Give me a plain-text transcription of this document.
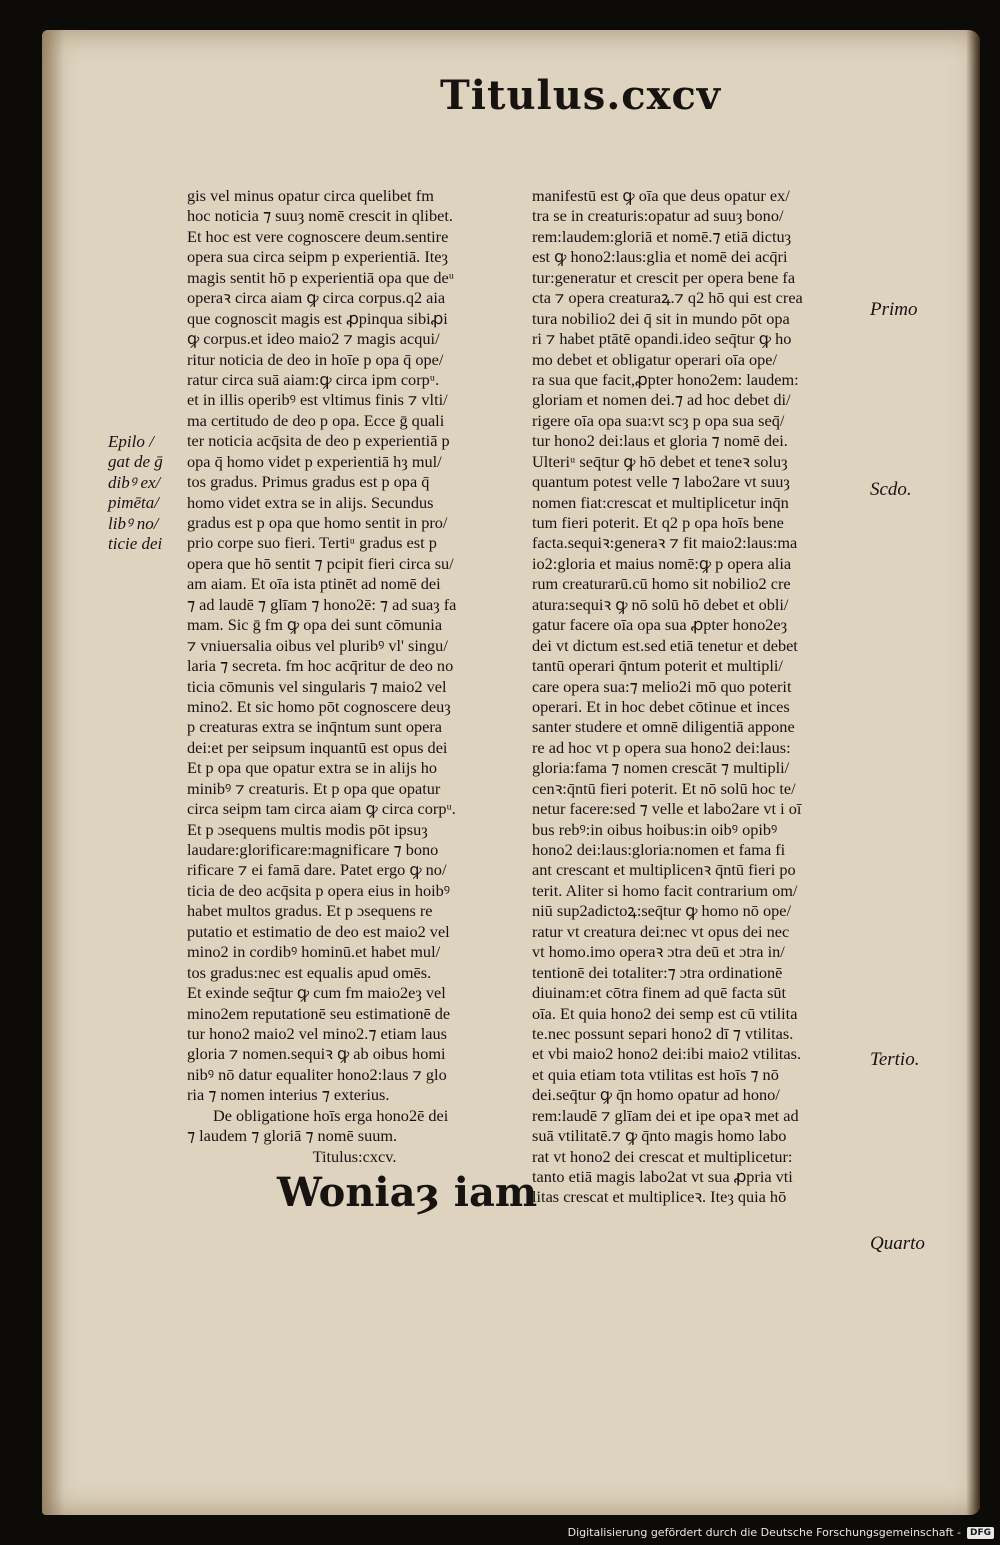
Titulus.cxcv
gis vel minus opatur circa quelibet fm
hoc noticia ⁊ suuȝ nomē crescit in qlibet.
Et hoc est vere cognoscere deum.sentire
opera sua circa seipm p experientiā. Iteȝ
magis sentit hō p experientiā opa que deᵘ
operaꝛ circa aiam ꝙ circa corpus.q2 aia
que cognoscit magis est ꝓpinqua sibiꝓi
ꝙ corpus.et ideo maio2 ⁊ magis acqui/
ritur noticia de deo in hoīe p opa q̄ ope/
ratur circa suā aiam:ꝙ circa ipm corpᵘ.
et in illis operibꝰ est vltimus finis ⁊ vlti/
ma certitudo de deo p opa. Ecce ḡ quali
ter noticia acq̄sita de deo p experientiā p
opa q̄ homo videt p experientiā hȝ mul/
tos gradus. Primus gradus est p opa q̄
homo videt extra se in alijs. Secundus
gradus est p opa que homo sentit in pro/
prio corpe suo fieri. Tertiᵘ gradus est p
opera que hō sentit ⁊ pcipit fieri circa su/
am aiam. Et oīa ista ptinēt ad nomē dei
⁊ ad laudē ⁊ glīam ⁊ hono2ē: ⁊ ad suaȝ fa
mam. Sic ḡ fm ꝙ opa dei sunt cōmunia
⁊ vniuersalia oibus vel pluribꝰ vl' singu/
laria ⁊ secreta. fm hoc acq̄ritur de deo no
ticia cōmunis vel singularis ⁊ maio2 vel
mino2. Et sic homo pōt cognoscere deuȝ
p creaturas extra se inq̄ntum sunt opera
dei:et per seipsum inquantū est opus dei
Et p opa que opatur extra se in alijs ho
minibꝰ ⁊ creaturis. Et p opa que opatur
circa seipm tam circa aiam ꝙ circa corpᵘ.
Et p ɔsequens multis modis pōt ipsuȝ
laudare:glorificare:magnificare ⁊ bono
rificare ⁊ ei famā dare. Patet ergo ꝙ no/
ticia de deo acq̄sita p opera eius in hoibꝰ
habet multos gradus. Et p ɔsequens re
putatio et estimatio de deo est maio2 vel
mino2 in cordibꝰ hominū.et habet mul/
tos gradus:nec est equalis apud omēs.
Et exinde seq̄tur ꝙ cum fm maio2eȝ vel
mino2em reputationē seu estimationē de
tur hono2 maio2 vel mino2.⁊ etiam laus
gloria ⁊ nomen.sequiꝛ ꝙ ab oibus homi
nibꝰ nō datur equaliter hono2:laus ⁊ glo
ria ⁊ nomen interius ⁊ exterius.
De obligatione hoīs erga hono2ē dei
⁊ laudem ⁊ gloriā ⁊ nomē suum.
Titulus:cxcv.
Woniaȝ iam
manifestū est ꝙ oīa que deus opatur ex/
tra se in creaturis:opatur ad suuȝ bono/
rem:laudem:gloriā et nomē.⁊ etiā dictuȝ
est ꝙ hono2:laus:glia et nomē dei acq̄ri
tur:generatur et crescit per opera bene fa
cta ⁊ opera creaturaꝝ.⁊ q2 hō qui est crea
tura nobilio2 dei q̄ sit in mundo pōt opa
ri ⁊ habet ptātē opandi.ideo seq̄tur ꝙ ho
mo debet et obligatur operari oīa ope/
ra sua que facit,ꝓpter hono2em: laudem:
gloriam et nomen dei.⁊ ad hoc debet di/
rigere oīa opa sua:vt scȝ p opa sua seq̄/
tur hono2 dei:laus et gloria ⁊ nomē dei.
Ulteriᵘ seq̄tur ꝙ hō debet et teneꝛ soluȝ
quantum potest velle ⁊ labo2are vt suuȝ
nomen fiat:crescat et multiplicetur inq̄n
tum fieri poterit. Et q2 p opa hoīs bene
facta.sequiꝛ:generaꝛ ⁊ fit maio2:laus:ma
io2:gloria et maius nomē:ꝙ p opera alia
rum creaturarū.cū homo sit nobilio2 cre
atura:sequiꝛ ꝙ nō solū hō debet et obli/
gatur facere oīa opa sua ꝓpter hono2eȝ
dei vt dictum est.sed etiā tenetur et debet
tantū operari q̄ntum poterit et multipli/
care opera sua:⁊ melio2i mō quo poterit
operari. Et in hoc debet cōtinue et inces
santer studere et omnē diligentiā appone
re ad hoc vt p opera sua hono2 dei:laus:
gloria:fama ⁊ nomen crescāt ⁊ multipli/
cenꝛ:q̄ntū fieri poterit. Et nō solū hoc te/
netur facere:sed ⁊ velle et labo2are vt i oī
bus rebꝰ:in oibus hoibus:in oibꝰ opibꝰ
hono2 dei:laus:gloria:nomen et fama fi
ant crescant et multiplicenꝛ q̄ntū fieri po
terit. Aliter si homo facit contrarium om/
niū sup2adictoꝝ:seq̄tur ꝙ homo nō ope/
ratur vt creatura dei:nec vt opus dei nec
vt homo.imo operaꝛ ɔtra deū et ɔtra in/
tentionē dei totaliter:⁊ ɔtra ordinationē
diuinam:et cōtra finem ad quē facta sūt
oīa. Et quia hono2 dei semp est cū vtilita
te.nec possunt separi hono2 dī ⁊ vtilitas.
et vbi maio2 hono2 dei:ibi maio2 vtilitas.
et quia etiam tota vtilitas est hoīs ⁊ nō
dei.seq̄tur ꝙ q̄n homo opatur ad hono/
rem:laudē ⁊ glīam dei et ipe opaꝛ met ad
suā vtilitatē.⁊ ꝙ q̄nto magis homo labo
rat vt hono2 dei crescat et multiplicetur:
tanto etiā magis labo2at vt sua ꝓpria vti
litas crescat et multipliceꝛ. Iteȝ quia hō
Epilo /
gat de ḡ
dibꝰ ex/
pimēta/
libꝰ no/
ticie dei
Primo
Scdo.
Tertio.
Quarto
Digitalisierung gefördert durch die Deutsche Forschungsgemeinschaft -	DFG
